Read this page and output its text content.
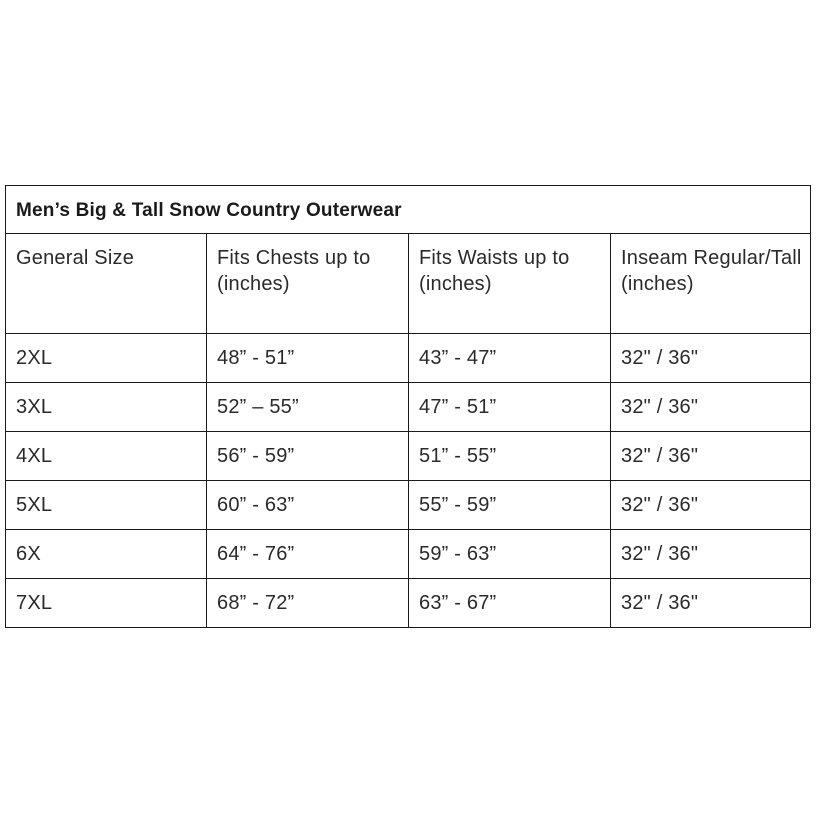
Men’s Big & Tall Snow Country Outerwear			
General Size	Fits Chests up to (inches)	Fits Waists up to (inches)	Inseam Regular/Tall (inches)
2XL	48” - 51”	43” - 47”	32" / 36"
3XL	52” – 55”	47” - 51”	32" / 36"
4XL	56” - 59”	51” - 55”	32" / 36"
5XL	60” - 63”	55” - 59”	32" / 36"
6X	64” - 76”	59” - 63”	32" / 36"
7XL	68” - 72”	63” - 67”	32" / 36"
